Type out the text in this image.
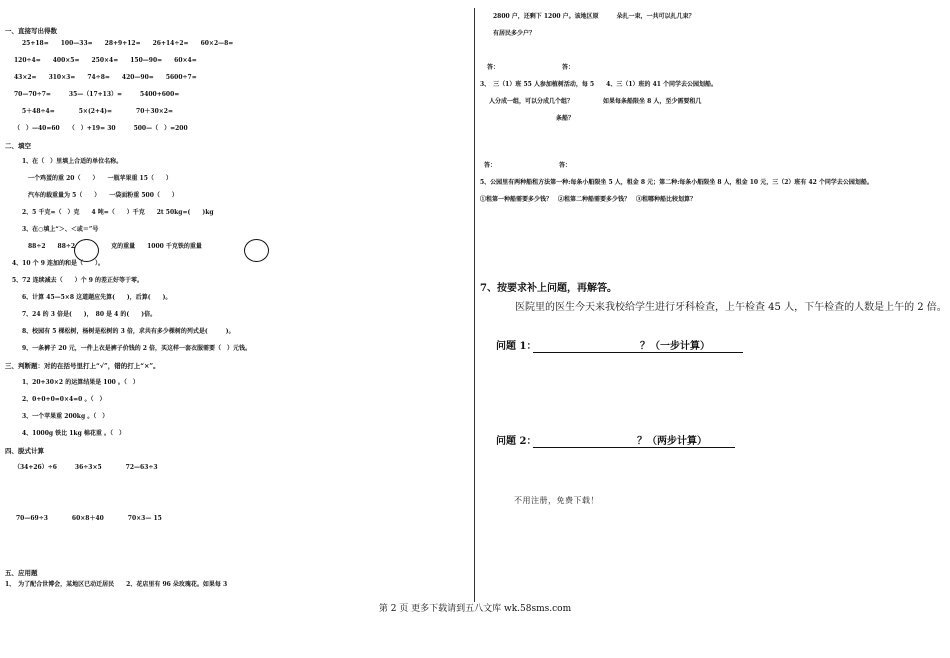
一、直接写出得数
25+18=　　100—33=　　28+9+12=　　26+14÷2=　　60×2—8=
120÷4=　　400×5=　　250×4=　　150—90=　　60×4=
43×2=　　310×3=　　74÷8=　　420—90=　　5600÷7=
70—70÷7=　　　35—（17+13）=　　　5400+600=
5＋48÷4=　　　　5×(2+4)=　　　　70＋30×2=
（　）—40=60　　（　）+19= 30　　　500—（　）=200
二、填空
1、在（　）里填上合适的单位名称。
一个鸡蛋的重 20（　　）　　一瓶苹果重 15（　　）
汽车的载重量为 5（　　）　　一袋面粉重 500（　　）
2、5 千克=（　）克　　4 吨=（　　）千克　　2t 50kg=(　　)kg
3、在○填上“＞、＜或＝”号
88÷2　　88÷2　　　　　　克的重量　　1000 千克铁的重量
4、10 个 9 连加的和是（　　）。
5、72 连续减去（　　）个 9 的差正好等于零。
6、计算 45—5×8 这道题应先算(　　)，后算(　　)。
7、24 的 3 倍是(　　)，　80 是 4 的(　　)倍。
8、校园有 5 棵松树，杨树是松树的 3 倍，求共有多少棵树的列式是(　　　)。
9、一条裤子 20 元，一件上衣是裤子价钱的 2 倍，买这样一套衣服需要（　）元钱。
三、判断题：对的在括号里打上“√”，错的打上“×”。
1、20+30×2 的运算结果是 100 。（　）
2、0+0+0=0×4=0 。（　）
3、一个苹果重 200kg 。（　）
4、1000g 铁比 1kg 棉花重 。（　）
四、脱式计算
（34+26）÷6　　　36÷3×5　　　　72—63÷3
70—69÷3　　　　60×8＋40　　　　70×3— 15
五、应用题
1、　为了配合世博会，某地区已动迁居民　　2、花店里有 96 朵玫瑰花。如果每 3
2800 户，还剩下 1200 户。该地区原　　　朵扎一束，一共可以扎几束？
有居民多少户？
答：　　　　　　　　　　　答：
3、　三（1）班 55 人参加植树活动，每 5　　4、三（1）班的 41 个同学去公园划船。
人分成一组，可以分成几个组？　　　　　如果每条船限坐 8 人，至少需要租几
条船？
答：　　　　　　　　　　　答：
5、公园里有两种船租方法第一种:每条小船限坐 5 人，租金 8 元；第二种:每条小船限坐 8 人，租金 10 元，三（2）班有 42 个同学去公园划船。
①租第一种船需要多少钱？　②租第二种船需要多少钱？　③租哪种船比较划算？
7、按要求补上问题，再解答。
医院里的医生今天来我校给学生进行牙科检查，上午检查 45 人，下午检查的人数是上午的 2 倍。
问题 1：	？（一步计算）
问题 2：	？（两步计算）
不用注册，免费下载！
第 2 页 更多下载请到五八文库 wk.58sms.com
